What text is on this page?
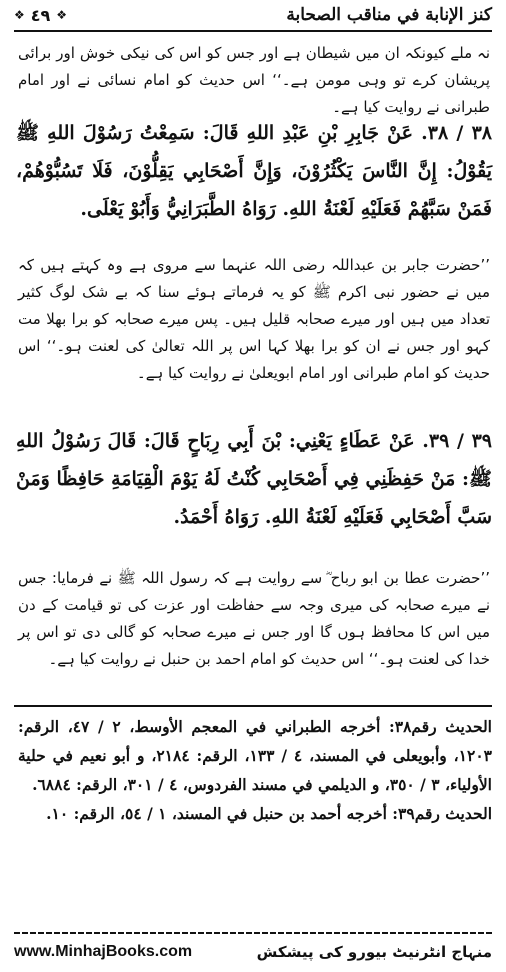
كنز الإنابة في مناقب الصحابة
❖
٤٩
❖
نہ ملے کیونکہ ان میں شیطان ہے اور جس کو اس کی نیکی خوش اور برائی پریشان کرے تو وہی مومن ہے۔‘‘ اس حدیث کو امام نسائی نے اور امام طبرانی نے روایت کیا ہے۔
٣٨ / ٣٨. عَنْ جَابِرِ بْنِ عَبْدِ اللهِ قَالَ: سَمِعْتُ رَسُوْلَ اللهِ ﷺ يَقُوْلُ: إِنَّ النَّاسَ يَكْثُرُوْنَ، وَإِنَّ أَصْحَابِي يَقِلُّوْنَ، فَلَا تَسُبُّوْهُمْ، فَمَنْ سَبَّهُمْ فَعَلَيْهِ لَعْنَةُ اللهِ. رَوَاهُ الطَّبَرَانِيُّ وَأَبُوْ يَعْلَى.
’’حضرت جابر بن عبداللہ رضی اللہ عنہما سے مروی ہے وہ کہتے ہیں کہ میں نے حضور نبی اکرم ﷺ کو یہ فرماتے ہوئے سنا کہ بے شک لوگ کثیر تعداد میں ہیں اور میرے صحابہ قلیل ہیں۔ پس میرے صحابہ کو برا بھلا مت کہو اور جس نے ان کو برا بھلا کہا اس پر اللہ تعالیٰ کی لعنت ہو۔‘‘ اس حدیث کو امام طبرانی اور امام ابویعلیٰ نے روایت کیا ہے۔
٣٩ / ٣٩. عَنْ عَطَاءٍ يَعْنِي: بْنَ أَبِي رِبَاحٍ قَالَ: قَالَ رَسُوْلُ اللهِ ﷺ: مَنْ حَفِظَنِي فِي أَصْحَابِي كُنْتُ لَهُ يَوْمَ الْقِيَامَةِ حَافِظًا وَمَنْ سَبَّ أَصْحَابِي فَعَلَيْهِ لَعْنَةُ اللهِ. رَوَاهُ أَحْمَدُ.
’’حضرت عطا بن ابو رباح ؓ سے روایت ہے کہ رسول اللہ ﷺ نے فرمایا: جس نے میرے صحابہ کی میری وجہ سے حفاظت اور عزت کی تو قیامت کے دن میں اس کا محافظ ہوں گا اور جس نے میرے صحابہ کو گالی دی تو اس پر خدا کی لعنت ہو۔‘‘ اس حدیث کو امام احمد بن حنبل نے روایت کیا ہے۔
الحديث رقم٣٨: أخرجه الطبراني في المعجم الأوسط، ٢ / ٤٧، الرقم: ١٢٠٣، وأبويعلى في المسند، ٤ / ١٣٣، الرقم: ٢١٨٤، و أبو نعيم في حلية الأولياء، ٣ / ٣٥٠، و الديلمي في مسند الفردوس، ٤ / ٣٠١، الرقم: ٦٨٨٤.
الحديث رقم٣٩: أخرجه أحمد بن حنبل في المسند، ١ / ٥٤، الرقم: ١٠.
www.MinhajBooks.com	منہاج انٹرنیٹ بیورو کی پیشکش
